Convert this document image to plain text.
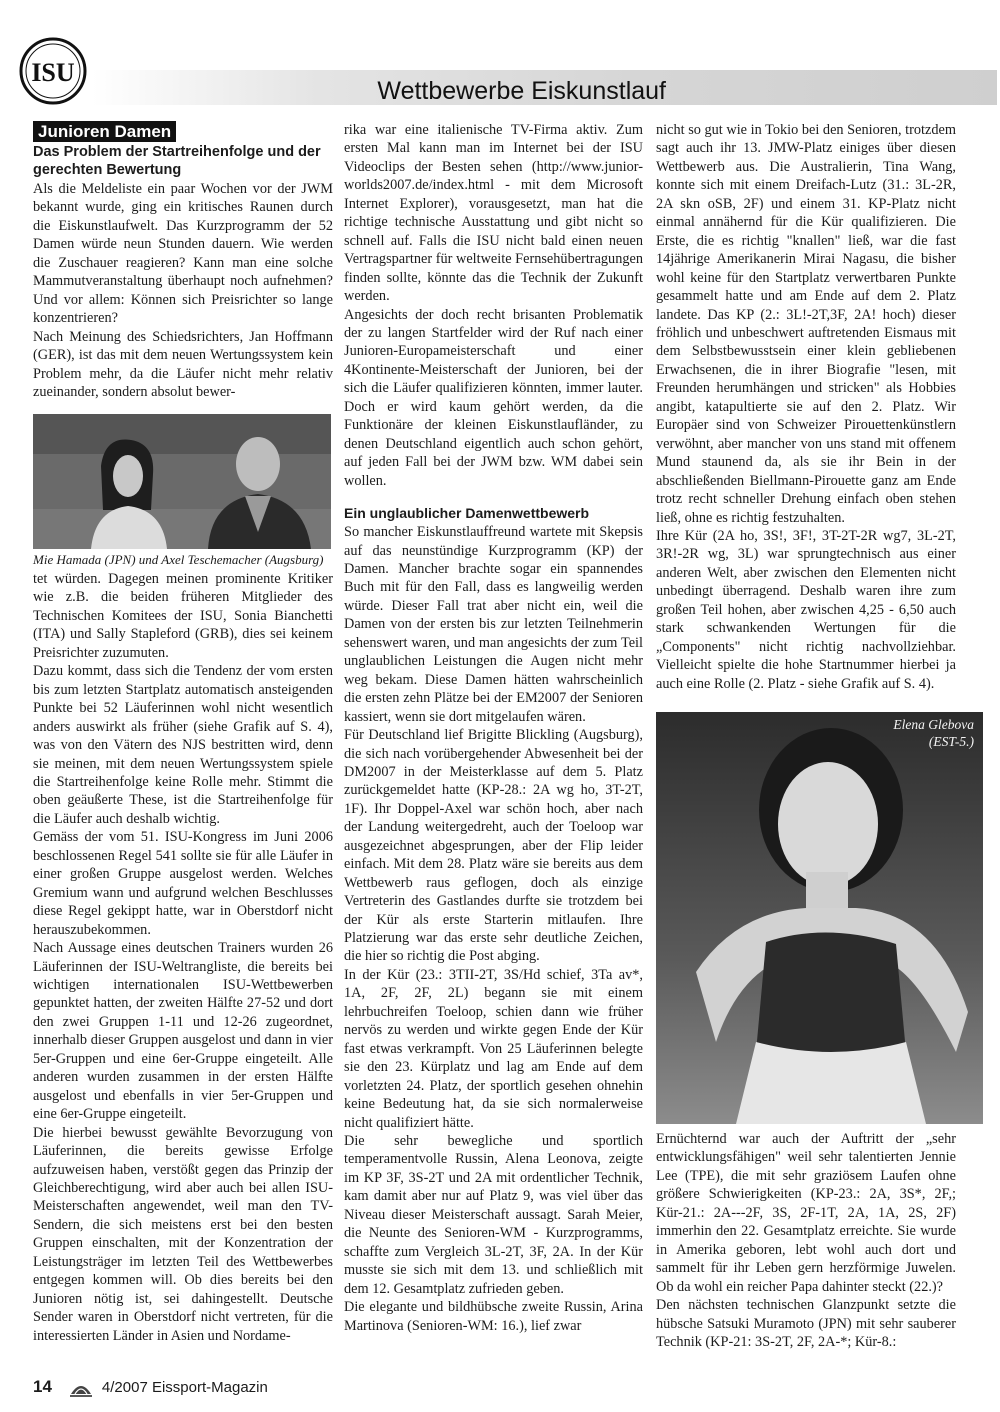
ISU
Wettbewerbe Eiskunstlauf
Junioren Damen
Das Problem der Startreihenfolge und der gerechten Bewertung

Als die Meldeliste ein paar Wochen vor der JWM bekannt wurde, ging ein kritisches Raunen durch die Eiskunstlaufwelt. Das Kurzprogramm der 52 Damen würde neun Stunden dauern. Wie werden die Zuschauer reagieren? Kann man eine solche Mammutveranstaltung überhaupt noch aufnehmen? Und vor allem: Können sich Preisrichter so lange konzentrieren?

Nach Meinung des Schiedsrichters, Jan Hoffmann (GER), ist das mit dem neuen Wertungssystem kein Problem mehr, da die Läufer nicht mehr relativ zueinander, sondern absolut bewer-

Mie Hamada (JPN) und Axel Teschemacher (Augsburg)

tet würden. Dagegen meinen prominente Kritiker wie z.B. die beiden früheren Mitglieder des Technischen Komitees der ISU, Sonia Bianchetti (ITA) und Sally Stapleford (GRB), dies sei keinem Preisrichter zuzumuten.

Dazu kommt, dass sich die Tendenz der vom ersten bis zum letzten Startplatz automatisch ansteigenden Punkte bei 52 Läuferinnen wohl nicht wesentlich anders auswirkt als früher (siehe Grafik auf S. 4), was von den Vätern des NJS bestritten wird, denn sie meinen, mit dem neuen Wertungssystem spiele die Startreihenfolge keine Rolle mehr. Stimmt die oben geäußerte These, ist die Startreihenfolge für die Läufer auch deshalb wichtig.

Gemäss der vom 51. ISU-Kongress im Juni 2006 beschlossenen Regel 541 sollte sie für alle Läufer in einer großen Gruppe ausgelost werden. Welches Gremium wann und aufgrund welchen Beschlusses diese Regel gekippt hatte, war in Oberstdorf nicht herauszubekommen.

Nach Aussage eines deutschen Trainers wurden 26 Läuferinnen der ISU-Weltrangliste, die bereits bei wichtigen internationalen ISU-Wettbewerben gepunktet hatten, der zweiten Hälfte 27-52 und dort den zwei Gruppen 1-11 und 12-26 zugeordnet, innerhalb dieser Gruppen ausgelost und dann in vier 5er-Gruppen und eine 6er-Gruppe eingeteilt. Alle anderen wurden zusammen in der ersten Hälfte ausgelost und ebenfalls in vier 5er-Gruppen und eine 6er-Gruppe eingeteilt.

Die hierbei bewusst gewählte Bevorzugung von Läuferinnen, die bereits gewisse Erfolge aufzuweisen haben, verstößt gegen das Prinzip der Gleichberechtigung, wird aber auch bei allen ISU-Meisterschaften angewendet, weil man den TV-Sendern, die sich meistens erst bei den besten Gruppen einschalten, mit der Konzentration der Leistungsträger im letzten Teil des Wettbewerbes entgegen kommen will. Ob dies bereits bei den Junioren nötig ist, sei dahingestellt. Deutsche Sender waren in Oberstdorf nicht vertreten, für die interessierten Länder in Asien und Nordame-

rika war eine italienische TV-Firma aktiv. Zum ersten Mal kann man im Internet bei der ISU Videoclips der Besten sehen (http://www.junior-worlds2007.de/index.html - mit dem Microsoft Internet Explorer), vorausgesetzt, man hat die richtige technische Ausstattung und gibt nicht so schnell auf. Falls die ISU nicht bald einen neuen Vertragspartner für weltweite Fernsehübertragungen finden sollte, könnte das die Technik der Zukunft werden.

Angesichts der doch recht brisanten Problematik der zu langen Startfelder wird der Ruf nach einer Junioren-Europameisterschaft und einer 4Kontinente-Meisterschaft der Junioren, bei der sich die Läufer qualifizieren könnten, immer lauter. Doch er wird kaum gehört werden, da die Funktionäre der kleinen Eiskunstlaufländer, zu denen Deutschland eigentlich auch schon gehört, auf jeden Fall bei der JWM bzw. WM dabei sein wollen.

Ein unglaublicher Damenwettbewerb

So mancher Eiskunstlauffreund wartete mit Skepsis auf das neunstündige Kurzprogramm (KP) der Damen. Mancher brachte sogar ein spannendes Buch mit für den Fall, dass es langweilig werden würde. Dieser Fall trat aber nicht ein, weil die Damen von der ersten bis zur letzten Teilnehmerin sehenswert waren, und man angesichts der zum Teil unglaublichen Leistungen die Augen nicht mehr weg bekam. Diese Damen hätten wahrscheinlich die ersten zehn Plätze bei der EM2007 der Senioren kassiert, wenn sie dort mitgelaufen wären.

Für Deutschland lief Brigitte Blickling (Augsburg), die sich nach vorübergehender Abwesenheit bei der DM2007 in der Meisterklasse auf dem 5. Platz zurückgemeldet hatte (KP-28.: 2A wg ho, 3T-2T, 1F). Ihr Doppel-Axel war schön hoch, aber nach der Landung weitergedreht, auch der Toeloop war ausgezeichnet abgesprungen, aber der Flip leider einfach. Mit dem 28. Platz wäre sie bereits aus dem Wettbewerb raus geflogen, doch als einzige Vertreterin des Gastlandes durfte sie trotzdem bei der Kür als erste Starterin mitlaufen. Ihre Platzierung war das erste sehr deutliche Zeichen, die hier so richtig die Post abging.

In der Kür (23.: 3TII-2T, 3S/Hd schief, 3Ta av*, 1A, 2F, 2F, 2L) begann sie mit einem lehrbuchreifen Toeloop, schien dann wie früher nervös zu werden und wirkte gegen Ende der Kür fast etwas verkrampft. Von 25 Läuferinnen belegte sie den 23. Kürplatz und lag am Ende auf dem vorletzten 24. Platz, der sportlich gesehen ohnehin keine Bedeutung hat, da sie sich normalerweise nicht qualifiziert hätte.

Die sehr bewegliche und sportlich temperamentvolle Russin, Alena Leonova, zeigte im KP 3F, 3S-2T und 2A mit ordentlicher Technik, kam damit aber nur auf Platz 9, was viel über das Niveau dieser Meisterschaft aussagt. Sarah Meier, die Neunte des Senioren-WM - Kurzprogramms, schaffte zum Vergleich 3L-2T, 3F, 2A. In der Kür musste sie sich mit dem 13. und schließlich mit dem 12. Gesamtplatz zufrieden geben.

Die elegante und bildhübsche zweite Russin, Arina Martinova (Senioren-WM: 16.), lief zwar

nicht so gut wie in Tokio bei den Senioren, trotzdem sagt auch ihr 13. JMW-Platz einiges über diesen Wettbewerb aus. Die Australierin, Tina Wang, konnte sich mit einem Dreifach-Lutz (31.: 3L-2R, 2A skn oSB, 2F) und einem 31. KP-Platz nicht einmal annähernd für die Kür qualifizieren. Die Erste, die es richtig "knallen" ließ, war die fast 14jährige Amerikanerin Mirai Nagasu, die bisher wohl keine für den Startplatz verwertbaren Punkte gesammelt hatte und am Ende auf dem 2. Platz landete. Das KP (2.: 3L!-2T,3F, 2A! hoch) dieser fröhlich und unbeschwert auftretenden Eismaus mit dem Selbstbewusstsein einer klein gebliebenen Erwachsenen, die in ihrer Biografie "lesen, mit Freunden herumhängen und stricken" als Hobbies angibt, katapultierte sie auf den 2. Platz. Wir Europäer sind von Schweizer Pirouettenkünstlern verwöhnt, aber mancher von uns stand mit offenem Mund staunend da, als sie ihr Bein in der abschließenden Biellmann-Pirouette ganz am Ende trotz recht schneller Drehung einfach oben stehen ließ, ohne es richtig festzuhalten.

Ihre Kür (2A ho, 3S!, 3F!, 3T-2T-2R wg7, 3L-2T, 3R!-2R wg, 3L) war sprungtechnisch aus einer anderen Welt, aber zwischen den Elementen nicht unbedingt überragend. Deshalb waren ihre zum großen Teil hohen, aber zwischen 4,25 - 6,50 auch stark schwankenden Wertungen für die „Components" nicht richtig nachvollziehbar. Vielleicht spielte die hohe Startnummer hierbei ja auch eine Rolle (2. Platz - siehe Grafik auf S. 4).

Elena Glebova
(EST-5.)

Ernüchternd war auch der Auftritt der „sehr entwicklungsfähigen" weil sehr talentierten Jennie Lee (TPE), die mit sehr graziösem Laufen ohne größere Schwierigkeiten (KP-23.: 2A, 3S*, 2F,; Kür-21.: 2A---2F, 3S, 2F-1T, 2A, 1A, 2S, 2F) immerhin den 22. Gesamtplatz erreichte. Sie wurde in Amerika geboren, lebt wohl auch dort und sammelt für ihr Leben gern herzförmige Juwelen. Ob da wohl ein reicher Papa dahinter steckt (22.)?

Den nächsten technischen Glanzpunkt setzte die hübsche Satsuki Muramoto (JPN) mit sehr sauberer Technik (KP-21: 3S-2T, 2F, 2A-*; Kür-8.:

14	4/2007 Eissport-Magazin
